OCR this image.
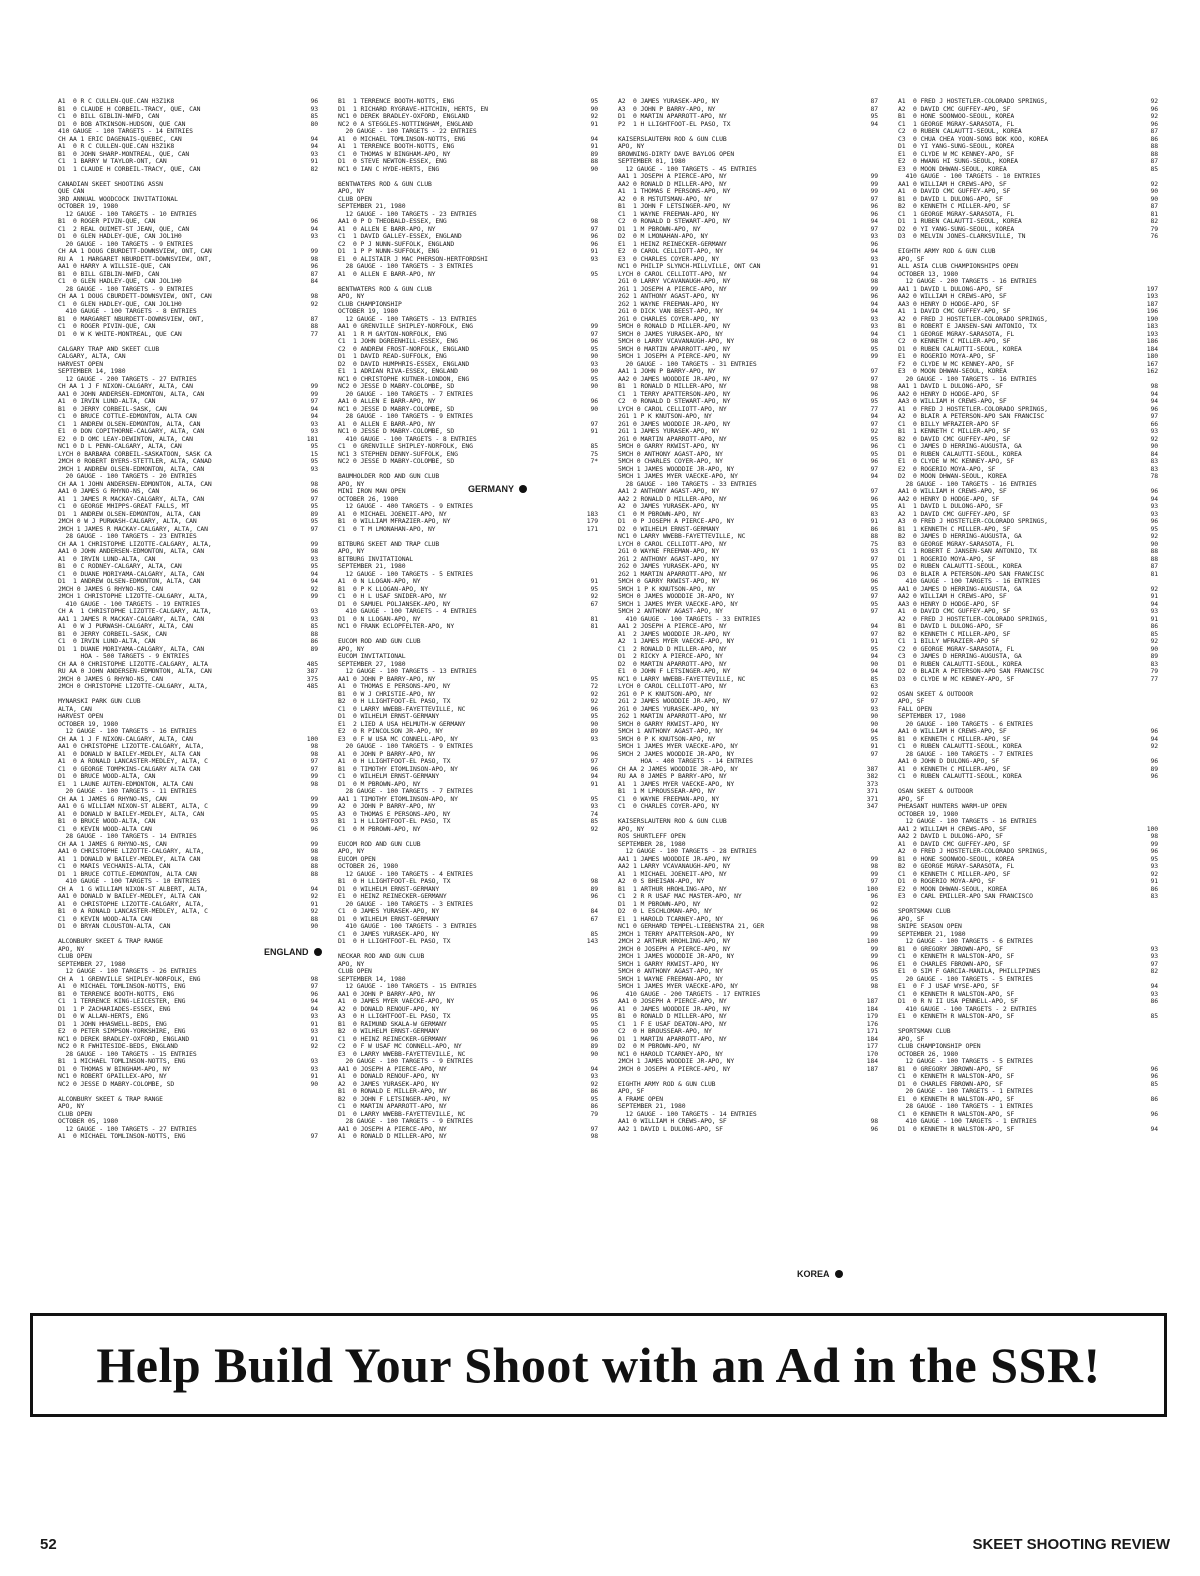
A1  0 R C CULLEN-QUE.CAN H3Z1K8	96
B1  0 CLAUDE H CORBEIL-TRACY, QUE, CAN	93
C1  0 BILL GIBLIN-NWFD, CAN	85
D1  0 BOB ATKINSON-HUDSON, QUE CAN	80
410 GAUGE - 100 TARGETS - 14 ENTRIES
CH AA 1 ERIC DAGENAIS-QUEBEC, CAN	94
A1  0 R C CULLEN-QUE.CAN H3Z1K8	94
B1  0 JOHN SHARP-MONTREAL, QUE, CAN	93
C1  1 BARRY W TAYLOR-ONT, CAN	91
D1  1 CLAUDE H CORBEIL-TRACY, QUE, CAN	82
CANADIAN SKEET SHOOTING ASSN
QUE CAN
3RD ANNUAL WOODCOCK INVITATIONAL
OCTOBER 19, 1980
12 GAUGE - 100 TARGETS - 10 ENTRIES
B1  0 ROGER PIVIN-QUE, CAN	96
C1  2 REAL OUIMET-ST JEAN, QUE, CAN	94
D1  0 GLEN HADLEY-QUE, CAN JOL1H0	93
20 GAUGE - 100 TARGETS - 9 ENTRIES
CH AA 1 DOUG CBURDETT-DOWNSVIEW, ONT, CAN	99
RU A  1 MARGARET NBURDETT-DOWNSVIEW, ONT,	98
AA1 0 HARRY A WILLSIE-QUE, CAN	96
B1  0 BILL GIBLIN-NWFD, CAN	87
C1  0 GLEN HADLEY-QUE, CAN JOL1H0	84
28 GAUGE - 100 TARGETS - 9 ENTRIES
CH AA 1 DOUG CBURDETT-DOWNSVIEW, ONT, CAN	98
C1  0 GLEN HADLEY-QUE, CAN JOL1H0	92
410 GAUGE - 100 TARGETS - 8 ENTRIES
B1  0 MARGARET NBURDETT-DOWNSVIEW, ONT,	87
C1  0 ROGER PIVIN-QUE, CAN	88
D1  0 W K WHITE-MONTREAL, QUE CAN	77
CALGARY TRAP AND SKEET CLUB
CALGARY, ALTA, CAN
HARVEST OPEN
SEPTEMBER 14, 1980
12 GAUGE - 200 TARGETS - 27 ENTRIES
CH AA 1 J F NIXON-CALGARY, ALTA, CAN	99
AA1 0 JOHN ANDERSEN-EDMONTON, ALTA, CAN	99
A1  0 IRVIN LUND-ALTA, CAN	97
B1  0 JERRY CORBEIL-SASK, CAN	94
C1  0 BRUCE COTTLE-EDMONTON, ALTA CAN	94
C1  1 ANDREW OLSEN-EDMONTON, ALTA, CAN	93
E1  0 DON COPITHORNE-CALGARY, ALTA, CAN	93
E2  0 D OMC LEAY-DEWINTON, ALTA, CAN	181
NC1 0 D L PENN-CALGARY, ALTA, CAN	95
LYCH 0 BARBARA CORBEIL-SASKATOON, SASK CA	15
2MCH 0 ROBERT BYERS-STETTLER, ALTA, CANAD	95
2MCH 1 ANDREW OLSEN-EDMONTON, ALTA, CAN	93
20 GAUGE - 100 TARGETS - 20 ENTRIES
CH AA 1 JOHN ANDERSEN-EDMONTON, ALTA, CAN	98
AA1 0 JAMES G RHYNO-NS, CAN	96
A1  1 JAMES R MACKAY-CALGARY, ALTA, CAN	97
C1  0 GEORGE MHIPPS-GREAT FALLS, MT	95
D1  1 ANDREW OLSEN-EDMONTON, ALTA, CAN	89
2MCH 0 W J PURWASH-CALGARY, ALTA, CAN	95
2MCH 1 JAMES R MACKAY-CALGARY, ALTA, CAN	97
28 GAUGE - 100 TARGETS - 23 ENTRIES
CH AA 1 CHRISTOPHE LIZOTTE-CALGARY, ALTA,	99
AA1 0 JOHN ANDERSEN-EDMONTON, ALTA, CAN	98
A1  0 IRVIN LUND-ALTA, CAN	93
B1  0 C RODNEY-CALGARY, ALTA, CAN	95
C1  0 DUANE MORIYAMA-CALGARY, ALTA, CAN	94
D1  1 ANDREW OLSEN-EDMONTON, ALTA, CAN	94
2MCH 0 JAMES G RHYNO-NS, CAN	92
2MCH 1 CHRISTOPHE LIZOTTE-CALGARY, ALTA,	99
410 GAUGE - 100 TARGETS - 19 ENTRIES
CH A  1 CHRISTOPHE LIZOTTE-CALGARY, ALTA,	93
AA1 1 JAMES R MACKAY-CALGARY, ALTA, CAN	93
A1  0 W J PURWASH-CALGARY, ALTA, CAN	85
B1  0 JERRY CORBEIL-SASK, CAN	88
C1  0 IRVIN LUND-ALTA, CAN	86
D1  1 DUANE MORIYAMA-CALGARY, ALTA, CAN	89
HOA - 500 TARGETS - 9 ENTRIES
CH AA 0 CHRISTOPHE LIZOTTE-CALGARY, ALTA	485
RU AA 0 JOHN ANDERSEN-EDMONTON, ALTA, CAN	387
2MCH 0 JAMES G RHYNO-NS, CAN	375
2MCH 0 CHRISTOPHE LIZOTTE-CALGARY, ALTA,	485
MYNARSKI PARK GUN CLUB
ALTA, CAN
HARVEST OPEN
OCTOBER 19, 1980
12 GAUGE - 100 TARGETS - 16 ENTRIES
CH AA 1 J F NIXON-CALGARY, ALTA, CAN	100
AA1 0 CHRISTOPHE LIZOTTE-CALGARY, ALTA,	98
A1  0 DONALD W BAILEY-MEDLEY, ALTA CAN	98
A1  0 A RONALD LANCASTER-MEDLEY, ALTA, C	97
C1  0 GEORGE TOMPKINS-CALGARY ALTA CAN	97
D1  0 BRUCE WOOD-ALTA, CAN	99
E1  1 LAUNE AUTEN-EDMONTON, ALTA CAN	98
20 GAUGE - 100 TARGETS - 11 ENTRIES
CH AA 1 JAMES G RHYNO-NS, CAN	99
AA1 0 G WILLIAM NIXON-ST ALBERT, ALTA, C	99
A1  0 DONALD W BAILEY-MEDLEY, ALTA, CAN	95
B1  0 BRUCE WOOD-ALTA, CAN	93
C1  0 KEVIN WOOD-ALTA CAN	96
28 GAUGE - 100 TARGETS - 14 ENTRIES
CH AA 1 JAMES G RHYNO-NS, CAN	99
AA1 0 CHRISTOPHE LIZOTTE-CALGARY, ALTA,	98
A1  1 DONALD W BAILEY-MEDLEY, ALTA CAN	98
C1  0 MARIS VECHANIS-ALTA, CAN	88
D1  1 BRUCE COTTLE-EDMONTON, ALTA CAN	88
410 GAUGE - 100 TARGETS - 10 ENTRIES
CH A  1 G WILLIAM NIXON-ST ALBERT, ALTA,	94
AA1 0 DONALD W BAILEY-MEDLEY, ALTA CAN	92
A1  0 CHRISTOPHE LIZOTTE-CALGARY, ALTA,	91
B1  0 A RONALD LANCASTER-MEDLEY, ALTA, C	92
C1  0 KEVIN WOOD-ALTA CAN	88
D1  0 BRYAN CLOUSTON-ALTA, CAN	90
ALCONBURY SKEET & TRAP RANGE
APO, NY
CLUB OPEN
SEPTEMBER 27, 1980
12 GAUGE - 100 TARGETS - 26 ENTRIES
CH A  1 GRENVILLE SHIPLEY-NORFOLK, ENG	98
A1  0 MICHAEL TOMLINSON-NOTTS, ENG	97
B1  0 TERRENCE BOOTH-NOTTS, ENG	96
C1  1 TERRENCE KING-LEICESTER, ENG	94
D1  1 P ZACHARIADES-ESSEX, ENG	94
D1  0 W ALLAN-HERTS, ENG	93
D1  1 JOHN HHASWELL-BEDS, ENG	91
E2  0 PETER SIMPSON-YORKSHIRE, ENG	93
NC1 0 DEREK BRADLEY-OXFORD, ENGLAND	91
NC2 0 R FWHITESIDE-BEDS, ENGLAND	92
28 GAUGE - 100 TARGETS - 15 ENTRIES
B1  1 MICHAEL TOMLINSON-NOTTS, ENG	93
D1  0 THOMAS W BINGHAM-APO, NY	93
NC1 0 ROBERT GPAILLEX-APO, NY	91
NC2 0 JESSE D MABRY-COLOMBE, SD	90
ALCONBURY SKEET & TRAP RANGE
APO, NY
CLUB OPEN
OCTOBER 05, 1980
12 GAUGE - 100 TARGETS - 27 ENTRIES
A1  0 MICHAEL TOMLINSON-NOTTS, ENG	97
B1  1 TERRENCE BOOTH-NOTTS, ENG	95
D1  1 RICHARD RYGRAVE-HITCHIN, HERTS, EN	90
NC1 0 DEREK BRADLEY-OXFORD, ENGLAND	92
NC2 0 A STEGGLES-NOTTINGHAM, ENGLAND	91
20 GAUGE - 100 TARGETS - 22 ENTRIES
A1  0 MICHAEL TOMLINSON-NOTTS, ENG	94
A1  1 TERRENCE BOOTH-NOTTS, ENG	91
C1  0 THOMAS W BINGHAM-APO, NY	89
D1  0 STEVE NEWTON-ESSEX, ENG	88
NC1 0 IAN C HYDE-HERTS, ENG	90
BENTWATERS ROD & GUN CLUB
APO, NY
CLUB OPEN
SEPTEMBER 21, 1980
12 GAUGE - 100 TARGETS - 23 ENTRIES
AA1 0 P D THEOBALD-ESSEX, ENG	98
A1  0 ALLEN E BARR-APO, NY	97
C1  1 DAVID GALLEY-ESSEX, ENGLAND	96
C2  0 P J NUNN-SUFFOLK, ENGLAND	96
D1  1 P P NUNN-SUFFOLK, ENG	91
E1  0 ALISTAIR J MAC PHERSON-HERTFORDSHI	93
28 GAUGE - 100 TARGETS - 3 ENTRIES
A1  0 ALLEN E BARR-APO, NY	95
BENTWATERS ROD & GUN CLUB
APO, NY
CLUB CHAMPIONSHIP
OCTOBER 19, 1980
12 GAUGE - 100 TARGETS - 13 ENTRIES
AA1 0 GRENVILLE SHIPLEY-NORFOLK, ENG	99
A1  1 R M GAYTON-NORFOLK, ENG	97
C1  1 JOHN DGREENHILL-ESSEX, ENG	96
C2  0 ANDREW FROST-NORFOLK, ENGLAND	95
D1  1 DAVID READ-SUFFOLK, ENG	90
D2  0 DAVID HUMPHRIS-ESSEX, ENGLAND	93
E1  1 ADRIAN RIVA-ESSEX, ENGLAND	90
NC1 0 CHRISTOPHE KUTNER-LONDON, ENG	95
NC2 0 JESSE D MABRY-COLOMBE, SD	90
20 GAUGE - 100 TARGETS - 7 ENTRIES
AA1 0 ALLEN E BARR-APO, NY	96
NC1 0 JESSE D MABRY-COLOMBE, SD	90
28 GAUGE - 100 TARGETS - 9 ENTRIES
A1  0 ALLEN E BARR-APO, NY	97
NC1 0 JESSE D MABRY-COLOMBE, SD	91
410 GAUGE - 100 TARGETS - 8 ENTRIES
C1  0 GRENVILLE SHIPLEY-NORFOLK, ENG	85
NC1 3 STEPHEN DENNY-SUFFOLK, ENG	75
NC2 0 JESSE D MABRY-COLOMBE, SD	7*
BAUMHOLDER ROD AND GUN CLUB
APO, NY
MINI IRON MAN OPEN
OCTOBER 26, 1980
12 GAUGE - 400 TARGETS - 9 ENTRIES
A1  0 MICHAEL JOENEIT-APO, NY	183
B1  0 WILLIAM MFRAZIER-APO, NY	179
C1  0 T M LMONAHAN-APO, NY	171
BITBURG SKEET AND TRAP CLUB
APO, NY
BITBURG INVITATIONAL
SEPTEMBER 21, 1980
12 GAUGE - 100 TARGETS - 5 ENTRIES
A1  0 N LLOGAN-APO, NY	91
B1  0 P K LLOGAN-APO, NY	95
C1  0 H L USAF SNIDER-APO, NY	92
D1  0 SAMUEL POLJANSEK-APO, NY	67
410 GAUGE - 100 TARGETS - 4 ENTRIES
D1  0 N LLOGAN-APO, NY	81
NC1 0 FRANK ECLOPFELTER-APO, NY	81
EUCOM ROD AND GUN CLUB
APO, NY
EUCOM INVITATIONAL
SEPTEMBER 27, 1980
12 GAUGE - 100 TARGETS - 13 ENTRIES
AA1 0 JOHN P BARRY-APO, NY	95
A1  0 THOMAS E PERSONS-APO, NY	72
B1  0 W J CHRISTIE-APO, NY	92
B2  0 H LLIGHTFOOT-EL PASO, TX	92
C1  0 LARRY WWEBB-FAYETTEVILLE, NC	96
D1  0 WILHELM ERNST-GERMANY	95
E1  2 LIED A USA HELMUTH-W GERMANY	90
E2  0 R PINCOLSON JR-APO, NY	89
E3  0 F W USA MC CONNELL-APO, NY	93
20 GAUGE - 100 TARGETS - 9 ENTRIES
A1  0 JOHN P BARRY-APO, NY	96
A1  0 H LLIGHTFOOT-EL PASO, TX	97
B1  0 TIMOTHY ETOMLINSON-APO, NY	96
C1  0 WILHELM ERNST-GERMANY	94
D1  0 M PBROWN-APO, NY	91
28 GAUGE - 100 TARGETS - 7 ENTRIES
AA1 1 TIMOTHY ETOMLINSON-APO, NY	95
A2  0 JOHN P BARRY-APO, NY	93
A3  0 THOMAS E PERSONS-APO, NY	74
B1  1 H LLIGHTFOOT-EL PASO, TX	85
C1  0 M PBROWN-APO, NY	92
EUCOM ROD AND GUN CLUB
APO, NY
EUCOM OPEN
OCTOBER 26, 1980
12 GAUGE - 100 TARGETS - 4 ENTRIES
B1  0 H LLIGHTFOOT-EL PASO, TX	98
D1  0 WILHELM ERNST-GERMANY	89
E1  0 HEINZ REINECKER-GERMANY	96
20 GAUGE - 100 TARGETS - 3 ENTRIES
C1  0 JAMES YURASEK-APO, NY	84
D1  0 WILHELM ERNST-GERMANY	67
410 GAUGE - 100 TARGETS - 3 ENTRIES
C1  0 JAMES YURASEK-APO, NY	85
D1  0 H LLIGHTFOOT-EL PASO, TX	143
NECKAR ROD AND GUN CLUB
APO, NY
CLUB OPEN
SEPTEMBER 14, 1980
12 GAUGE - 100 TARGETS - 15 ENTRIES
AA1 0 JOHN P BARRY-APO, NY	96
A1  0 JAMES MYER VAECKE-APO, NY	95
A2  0 DONALD RENOUF-APO, NY	96
A3  0 H LLIGHTFOOT-EL PASO, TX	95
B1  0 RAIMUND SKALA-W GERMANY	95
B2  0 WILHELM ERNST-GERMANY	90
C1  0 HEINZ REINECKER-GERMANY	96
C2  0 F W USAF MC CONNELL-APO, NY	89
E3  0 LARRY WWEBB-FAYETTEVILLE, NC	90
20 GAUGE - 100 TARGETS - 9 ENTRIES
AA1 0 JOSEPH A PIERCE-APO, NY	94
A1  0 DONALD RENOUF-APO, NY	93
A2  0 JAMES YURASEK-APO, NY	92
B1  0 RONALD E MILLER-APO, NY	86
B2  0 JOHN F LETSINGER-APO, NY	95
C1  0 MARTIN APARROTT-APO, NY	86
D1  0 LARRY WWEBB-FAYETTEVILLE, NC	79
28 GAUGE - 100 TARGETS - 9 ENTRIES
AA1 0 JOSEPH A PIERCE-APO, NY	97
A1  0 RONALD D MILLER-APO, NY	98
A2  0 JAMES YURASEK-APO, NY	87
A3  0 JOHN P BARRY-APO, NY	87
D1  0 MARTIN APARROTT-APO, NY	95
P2  1 H LLIGHTFOOT-EL PASO, TX	94
KAISERSLAUTERN ROD & GUN CLUB
APO, NY
BROWNING-DIRTY DAVE BAYLOG OPEN
SEPTEMBER 01, 1980
12 GAUGE - 100 TARGETS - 45 ENTRIES
AA1 1 JOSEPH A PIERCE-APO, NY	99
AA2 0 RONALD D MILLER-APO, NY	99
A1  1 THOMAS E PERSONS-APO, NY	99
A2  0 R MSTUTSMAN-APO, NY	97
B1  1 JOHN F LETSINGER-APO, NY	96
C1  1 WAYNE FREEMAN-APO, NY	96
C2  0 RONALD D STEWART-APO, NY	94
D1  1 M PBROWN-APO, NY	97
D2  0 M LMONAHAN-APO, NY	93
E1  1 HEINZ REINECKER-GERMANY	96
E2  0 CAROL CELLIOTT-APO, NY	94
E3  0 CHARLES COYER-APO, NY	93
NC1 0 PHILIP SLYNCH-MILLVILLE, ONT CAN	91
LYCH 0 CAROL CELLIOTT-APO, NY	94
2G1 0 LARRY VCAVANAUGH-APO, NY	98
2G1 1 JOSEPH A PIERCE-APO, NY	99
2G2 1 ANTHONY AGAST-APO, NY	96
2G2 1 WAYNE FREEMAN-APO, NY	94
2G1 0 DICK VAN BEEST-APO, NY	94
2G1 0 CHARLES COYER-APO, NY	93
5MCH 0 RONALD D MILLER-APO, NY	93
5MCH 0 JAMES YURASEK-APO, NY	94
5MCH 0 LARRY VCAVANAUGH-APO, NY	98
5MCH 0 MARTIN APARROTT-APO, NY	95
5MCH 1 JOSEPH A PIERCE-APO, NY	99
20 GAUGE - 100 TARGETS - 31 ENTRIES
AA1 1 JOHN P BARRY-APO, NY	97
AA2 0 JAMES WOODDIE JR-APO, NY	97
B1  1 RONALD D MILLER-APO, NY	98
C1  1 TERRY APATTERSON-APO, NY	96
C2  0 RONALD D STEWART-APO, NY	95
LYCH 0 CAROL CELLIOTT-APO, NY	77
2G1 1 P K KNUTSON-APO, NY	94
2G1 0 JAMES WOODDIE JR-APO, NY	97
2G1 1 JAMES YURASEK-APO, NY	92
2G1 0 MARTIN APARROTT-APO, NY	95
5MCH 0 GARRY RKWIST-APO, NY	96
5MCH 0 ANTHONY AGAST-APO, NY	95
5MCH 0 CHARLES COYER-APO, NY	96
5MCH 1 JAMES WOODDIE JR-APO, NY	97
5MCH 1 JAMES MYER VAECKE-APO, NY	94
28 GAUGE - 100 TARGETS - 33 ENTRIES
AA1 2 ANTHONY AGAST-APO, NY	97
AA2 2 RONALD D MILLER-APO, NY	96
A2  0 JAMES YURASEK-APO, NY	95
C1  0 M PBROWN-APO, NY	83
D1  0 P JOSEPH A PIERCE-APO, NY	91
D2  0 WILHELM ERNST-GERMANY	86
NC1 0 LARRY WWEBB-FAYETTEVILLE, NC	88
LYCH 0 CAROL CELLIOTT-APO, NY	75
2G1 0 WAYNE FREEMAN-APO, NY	93
2G1 2 ANTHONY AGAST-APO, NY	97
2G2 0 JAMES YURASEK-APO, NY	95
2G2 1 MARTIN APARROTT-APO, NY	96
5MCH 0 GARRY RKWIST-APO, NY	96
5MCH 1 P K KNUTSON-APO, NY	95
5MCH 0 JAMES WOODDIE JR-APO, NY	97
5MCH 1 JAMES MYER VAECKE-APO, NY	95
5MCH 2 ANTHONY AGAST-APO, NY	97
410 GAUGE - 100 TARGETS - 33 ENTRIES
AA1 2 JOSEPH A PIERCE-APO, NY	94
A1  2 JAMES WOODDIE JR-APO, NY	97
A2  1 JAMES MYER VAECKE-APO, NY	91
C1  2 RONALD D MILLER-APO, NY	95
D1  2 RICKY A PIERCE-APO, NY	94
D2  0 MARTIN APARROTT-APO, NY	90
E1  0 JOHN F LETSINGER-APO, NY	94
NC1 0 LARRY WWEBB-FAYETTEVILLE, NC	85
LYCH 0 CAROL CELLIOTT-APO, NY	63
2G1 0 P K KNUTSON-APO, NY	92
2G1 2 JAMES WOODDIE JR-APO, NY	97
2G1 0 JAMES YURASEK-APO, NY	93
2G2 1 MARTIN APARROTT-APO, NY	90
5MCH 0 GARRY RKWIST-APO, NY	90
5MCH 1 ANTHONY AGAST-APO, NY	94
5MCH 0 P K KNUTSON-APO, NY	95
5MCH 1 JAMES MYER VAECKE-APO, NY	91
5MCH 2 JAMES WOODDIE JR-APO, NY	97
HOA - 400 TARGETS - 14 ENTRIES
CH AA 2 JAMES WOODDIE JR-APO, NY	387
RU AA 0 JAMES P BARRY-APO, NY	382
A1  1 JAMES MYER VAECKE-APO, NY	373
B1  1 M LPROUSSEAR-APO, NY	371
C1  0 WAYNE FREEMAN-APO, NY	371
C1  0 CHARLES COYER-APO, NY	347
KAISERSLAUTERN ROD & GUN CLUB
APO, NY
ROS SHURTLEFF OPEN
SEPTEMBER 28, 1980
12 GAUGE - 100 TARGETS - 28 ENTRIES
AA1 1 JAMES WOODDIE JR-APO, NY	99
AA2 1 LARRY VCAVANAUGH-APO, NY	98
A1  1 MICHAEL JOENEIT-APO, NY	99
A2  0 S BHEISAN-APO, NY	97
B1  1 ARTHUR HROHLING-APO, NY	100
C1  2 R R USAF MAC MASTER-APO, NY	96
D1  1 M PBROWN-APO, NY	92
D2  0 L ESCHLOMAN-APO, NY	96
E1  1 HAROLD TCARNEY-APO, NY	96
NC1 0 GERHARD TEMPEL-LIEBENSTRA 21, GER	98
2MCH 1 TERRY APATTERSON-APO, NY	99
2MCH 2 ARTHUR HROHLING-APO, NY	100
2MCH 0 JOSEPH A PIERCE-APO, NY	99
2MCH 1 JAMES WOODDIE JR-APO, NY	99
5MCH 1 GARRY RKWIST-APO, NY	96
5MCH 0 ANTHONY AGAST-APO, NY	95
5MCH 1 WAYNE FREEMAN-APO, NY	95
5MCH 1 JAMES MYER VAECKE-APO, NY	98
410 GAUGE - 200 TARGETS - 17 ENTRIES
AA1 0 JOSEPH A PIERCE-APO, NY	187
A1  0 JAMES WOODDIE JR-APO, NY	184
B1  0 RONALD D MILLER-APO, NY	179
C1  1 F E USAF DEATON-APO, NY	176
C2  0 H BROUSSEAR-APO, NY	171
D1  1 MARTIN APARROTT-APO, NY	184
D2  0 M PBROWN-APO, NY	177
NC1 0 HAROLD TCARNEY-APO, NY	170
2MCH 1 JAMES WOODDIE JR-APO, NY	184
2MCH 0 JOSEPH A PIERCE-APO, NY	187
EIGHTH ARMY ROD & GUN CLUB
APO, SF
A FRAME OPEN
SEPTEMBER 21, 1980
12 GAUGE - 100 TARGETS - 14 ENTRIES
AA1 0 WILLIAM H CREWS-APO, SF	98
AA2 1 DAVID L DULONG-APO, SF	96
A1  0 FRED J HOSTETLER-COLORADO SPRINGS,	92
A2  0 DAVID CMC GUFFEY-APO, SF	96
B1  0 HONE SOONWOO-SEOUL, KOREA	92
C1  1 GEORGE MGRAY-SARASOTA, FL	96
C2  0 RUBEN CALAUTTI-SEOUL, KOREA	87
C3  0 CHUA CHEA YOON-SONG BOK KOO, KOREA	86
D1  0 YI YANG-SUNG-SEOUL, KOREA	88
E1  0 CLYDE W MC KENNEY-APO, SF	88
E2  0 HWANG HI SUNG-SEOUL, KOREA	87
E3  0 MOON DHWAN-SEOUL, KOREA	85
410 GAUGE - 100 TARGETS - 10 ENTRIES
AA1 0 WILLIAM H CREWS-APO, SF	92
A1  0 DAVID CMC GUFFEY-APO, SF	90
B1  0 DAVID L DULONG-APO, SF	90
B2  0 KENNETH C MILLER-APO, SF	87
C1  1 GEORGE MGRAY-SARASOTA, FL	81
D1  1 RUBEN CALAUTTI-SEOUL, KOREA	82
D2  0 YI YANG-SUNG-SEOUL, KOREA	79
D3  0 MELVIN JONES-CLARKSVILLE, TN	76
EIGHTH ARMY ROD & GUN CLUB
APO, SF
ALL ASIA CLUB CHAMPIONSHIPS OPEN
OCTOBER 13, 1980
12 GAUGE - 200 TARGETS - 16 ENTRIES
AA1 1 DAVID L DULONG-APO, SF	197
AA2 0 WILLIAM H CREWS-APO, SF	193
AA3 0 HENRY D HODGE-APO, SF	187
A1  1 DAVID CMC GUFFEY-APO, SF	196
A2  0 FRED J HOSTETLER-COLORADO SPRINGS,	190
B1  0 ROBERT E JANSEN-SAN ANTONIO, TX	183
C1  1 GEORGE MGRAY-SARASOTA, FL	193
C2  0 KENNETH C MILLER-APO, SF	186
D1  0 RUBEN CALAUTTI-SEOUL, KOREA	184
E1  0 ROGERIO MOYA-APO, SF	180
F2  0 CLYDE W MC KENNEY-APO, SF	167
E3  0 MOON DHWAN-SEOUL, KOREA	162
20 GAUGE - 100 TARGETS - 16 ENTRIES
AA1 1 DAVID L DULONG-APO, SF	98
AA2 0 HENRY D HODGE-APO, SF	94
AA3 0 WILLIAM H CREWS-APO, SF	94
A1  0 FRED J HOSTETLER-COLORADO SPRINGS,	96
A2  0 BLAIR A PETERSON-APO SAN FRANCISC	97
C1  0 BILLY WFRAZIER-APO SF	66
B1  1 KENNETH C MILLER-APO, SF	93
B2  0 DAVID CMC GUFFEY-APO, SF	92
C1  0 JAMES D HERRING-AUGUSTA, GA	90
D1  0 RUBEN CALAUTTI-SEOUL, KOREA	84
E1  0 CLYDE W MC KENNEY-APO, SF	83
E2  0 ROGERIO MOYA-APO, SF	83
D2  0 MOON DHWAN-SEOUL, KOREA	78
28 GAUGE - 100 TARGETS - 16 ENTRIES
AA1 0 WILLIAM H CREWS-APO, SF	96
AA2 0 HENRY D HODGE-APO, SF	94
A1  1 DAVID L DULONG-APO, SF	93
A2  1 DAVID CMC GUFFEY-APO, SF	93
A3  0 FRED J HOSTETLER-COLORADO SPRINGS,	96
B1  1 KENNETH C MILLER-APO, SF	95
B2  0 JAMES D HERRING-AUGUSTA, GA	92
B3  0 GEORGE MGRAY-SARASOTA, FL	90
C1  1 ROBERT E JANSEN-SAN ANTONIO, TX	88
D1  1 ROGERIO MOYA-APO, SF	88
D2  0 RUBEN CALAUTTI-SEOUL, KOREA	87
D3  0 BLAIR A PETERSON-APO SAN FRANCISC	81
410 GAUGE - 100 TARGETS - 16 ENTRIES
AA1 0 JAMES D HERRING-AUGUSTA, GA	92
AA2 0 WILLIAM H CREWS-APO, SF	91
AA3 0 HENRY D HODGE-APO, SF	94
A1  0 DAVID CMC GUFFEY-APO, SF	93
A2  0 FRED J HOSTETLER-COLORADO SPRINGS,	91
B1  0 DAVID L DULONG-APO, SF	86
B2  0 KENNETH C MILLER-APO, SF	85
C1  1 BILLY WFRAZIER-APO SF	92
C2  0 GEORGE MGRAY-SARASOTA, FL	90
C3  0 JAMES D HERRING-AUGUSTA, GA	89
D1  0 RUBEN CALAUTTI-SEOUL, KOREA	83
D2  0 BLAIR A PETERSON-APO SAN FRANCISC	79
D3  0 CLYDE W MC KENNEY-APO, SF	77
OSAN SKEET & OUTDOOR
APO, SF
FALL OPEN
SEPTEMBER 17, 1980
20 GAUGE - 100 TARGETS - 6 ENTRIES
AA1 0 WILLIAM H CREWS-APO, SF	96
B1  0 KENNETH C MILLER-APO, SF	94
C1  0 RUBEN CALAUTTI-SEOUL, KOREA	92
28 GAUGE - 100 TARGETS - 7 ENTRIES
AA1 0 JOHN D DULONG-APO, SF	96
A1  0 KENNETH C MILLER-APO, SF	89
C1  0 RUBEN CALAUTTI-SEOUL, KOREA	96
OSAN SKEET & OUTDOOR
APO, SF
PHEASANT HUNTERS WARM-UP OPEN
OCTOBER 19, 1980
12 GAUGE - 100 TARGETS - 16 ENTRIES
AA1 2 WILLIAM H CREWS-APO, SF	100
AA2 2 DAVID L DULONG-APO, SF	98
A1  0 DAVID CMC GUFFEY-APO, SF	99
A2  0 FRED J HOSTETLER-COLORADO SPRINGS,	96
B1  0 HONE SOONWOO-SEOUL, KOREA	95
B2  0 GEORGE MGRAY-SARASOTA, FL	93
C1  0 KENNETH C MILLER-APO, SF	92
D1  0 ROGERIO MOYA-APO, SF	91
E2  0 MOON DHWAN-SEOUL, KOREA	86
E3  0 CARL EMILLER-APO SAN FRANCISCO	83
SPORTSMAN CLUB
APO, SF
SNIPE SEASON OPEN
SEPTEMBER 21, 1980
12 GAUGE - 100 TARGETS - 6 ENTRIES
B1  0 GREGORY JBROWN-APO, SF	93
C1  0 KENNETH R WALSTON-APO, SF	93
E1  0 CHARLES FBROWN-APO, SF	97
E1  0 SIM F GARCIA-MANILA, PHILLIPINES	82
20 GAUGE - 100 TARGETS - 5 ENTRIES
E1  0 F J USAF WYSE-APO, SF	94
C1  0 KENNETH R WALSTON-APO, SF	93
D1  0 R N II USA PENNELL-APO, SF	86
410 GAUGE - 100 TARGETS - 2 ENTRIES
E1  0 KENNETH R WALSTON-APO, SF	85
SPORTSMAN CLUB
APO, SF
CLUB CHAMPIONSHIP OPEN
OCTOBER 26, 1980
12 GAUGE - 100 TARGETS - 5 ENTRIES
B1  0 GREGORY JBROWN-APO, SF	96
C1  0 KENNETH R WALSTON-APO, SF	96
D1  0 CHARLES FBROWN-APO, SF	85
20 GAUGE - 100 TARGETS - 1 ENTRIES
E1  0 KENNETH R WALSTON-APO, SF	86
28 GAUGE - 100 TARGETS - 1 ENTRIES
C1  0 KENNETH R WALSTON-APO, SF	96
410 GAUGE - 100 TARGETS - 1 ENTRIES
D1  0 KENNETH R WALSTON-APO, SF	94
ENGLAND
GERMANY
KOREA
Help Build Your Shoot with an Ad in the SSR!
52	SKEET SHOOTING REVIEW
